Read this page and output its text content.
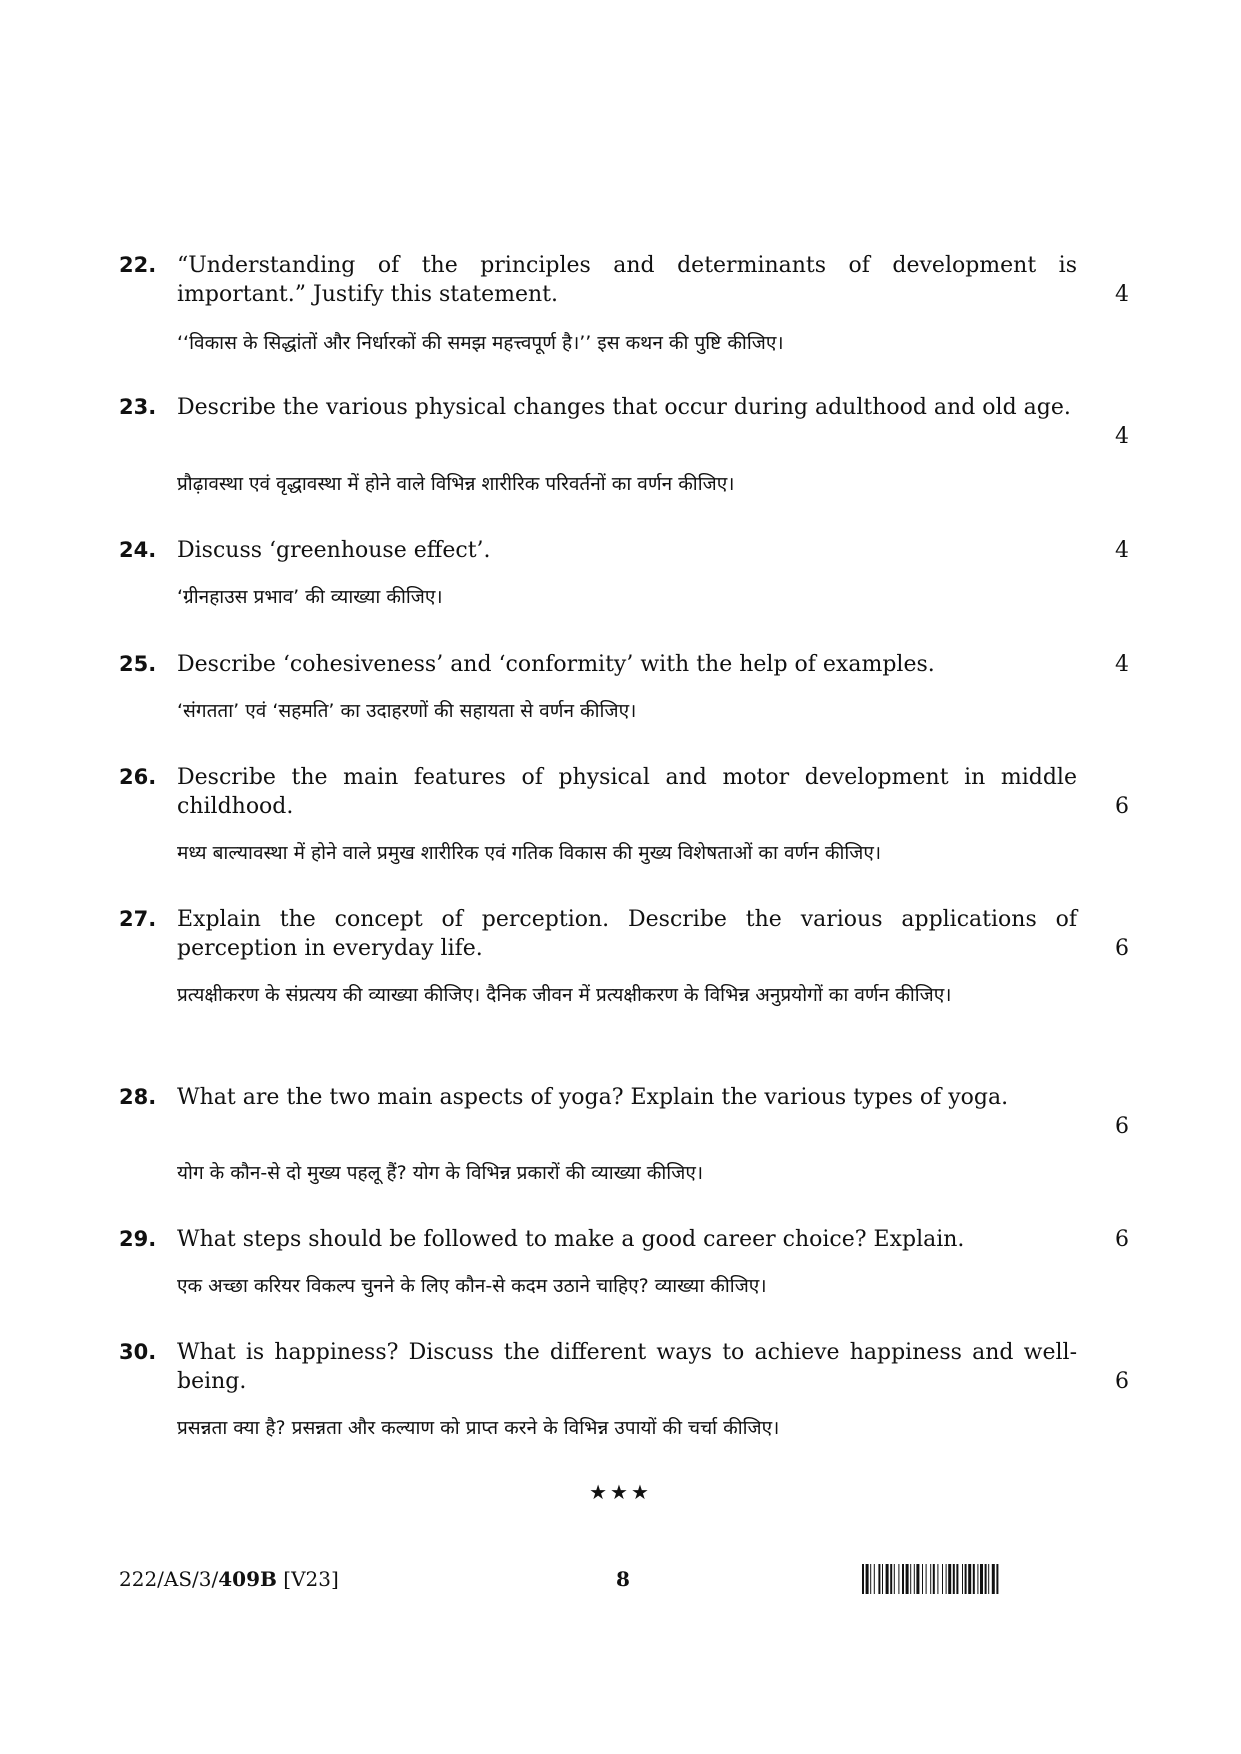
22. “Understanding of the principles and determinants of development is important.” Justify this statement.
‘‘विकास के सिद्धांतों और निर्धारकों की समझ महत्त्वपूर्ण है।’’ इस कथन की पुष्टि कीजिए।
4
23. Describe the various physical changes that occur during adulthood and old age.
प्रौढ़ावस्था एवं वृद्धावस्था में होने वाले विभिन्न शारीरिक परिवर्तनों का वर्णन कीजिए।
4
24. Discuss ‘greenhouse effect’.
‘ग्रीनहाउस प्रभाव’ की व्याख्या कीजिए।
4
25. Describe ‘cohesiveness’ and ‘conformity’ with the help of examples.
‘संगतता’ एवं ‘सहमति’ का उदाहरणों की सहायता से वर्णन कीजिए।
4
26. Describe the main features of physical and motor development in middle childhood.
मध्य बाल्यावस्था में होने वाले प्रमुख शारीरिक एवं गतिक विकास की मुख्य विशेषताओं का वर्णन कीजिए।
6
27. Explain the concept of perception. Describe the various applications of perception in everyday life.
प्रत्यक्षीकरण के संप्रत्यय की व्याख्या कीजिए। दैनिक जीवन में प्रत्यक्षीकरण के विभिन्न अनुप्रयोगों का वर्णन कीजिए।
6
28. What are the two main aspects of yoga? Explain the various types of yoga.
योग के कौन-से दो मुख्य पहलू हैं? योग के विभिन्न प्रकारों की व्याख्या कीजिए।
6
29. What steps should be followed to make a good career choice? Explain.
एक अच्छा करियर विकल्प चुनने के लिए कौन-से कदम उठाने चाहिए? व्याख्या कीजिए।
6
30. What is happiness? Discuss the different ways to achieve happiness and well-being.
प्रसन्नता क्या है? प्रसन्नता और कल्याण को प्राप्त करने के विभिन्न उपायों की चर्चा कीजिए।
6
★★★
222/AS/3/409B [V23]	8
